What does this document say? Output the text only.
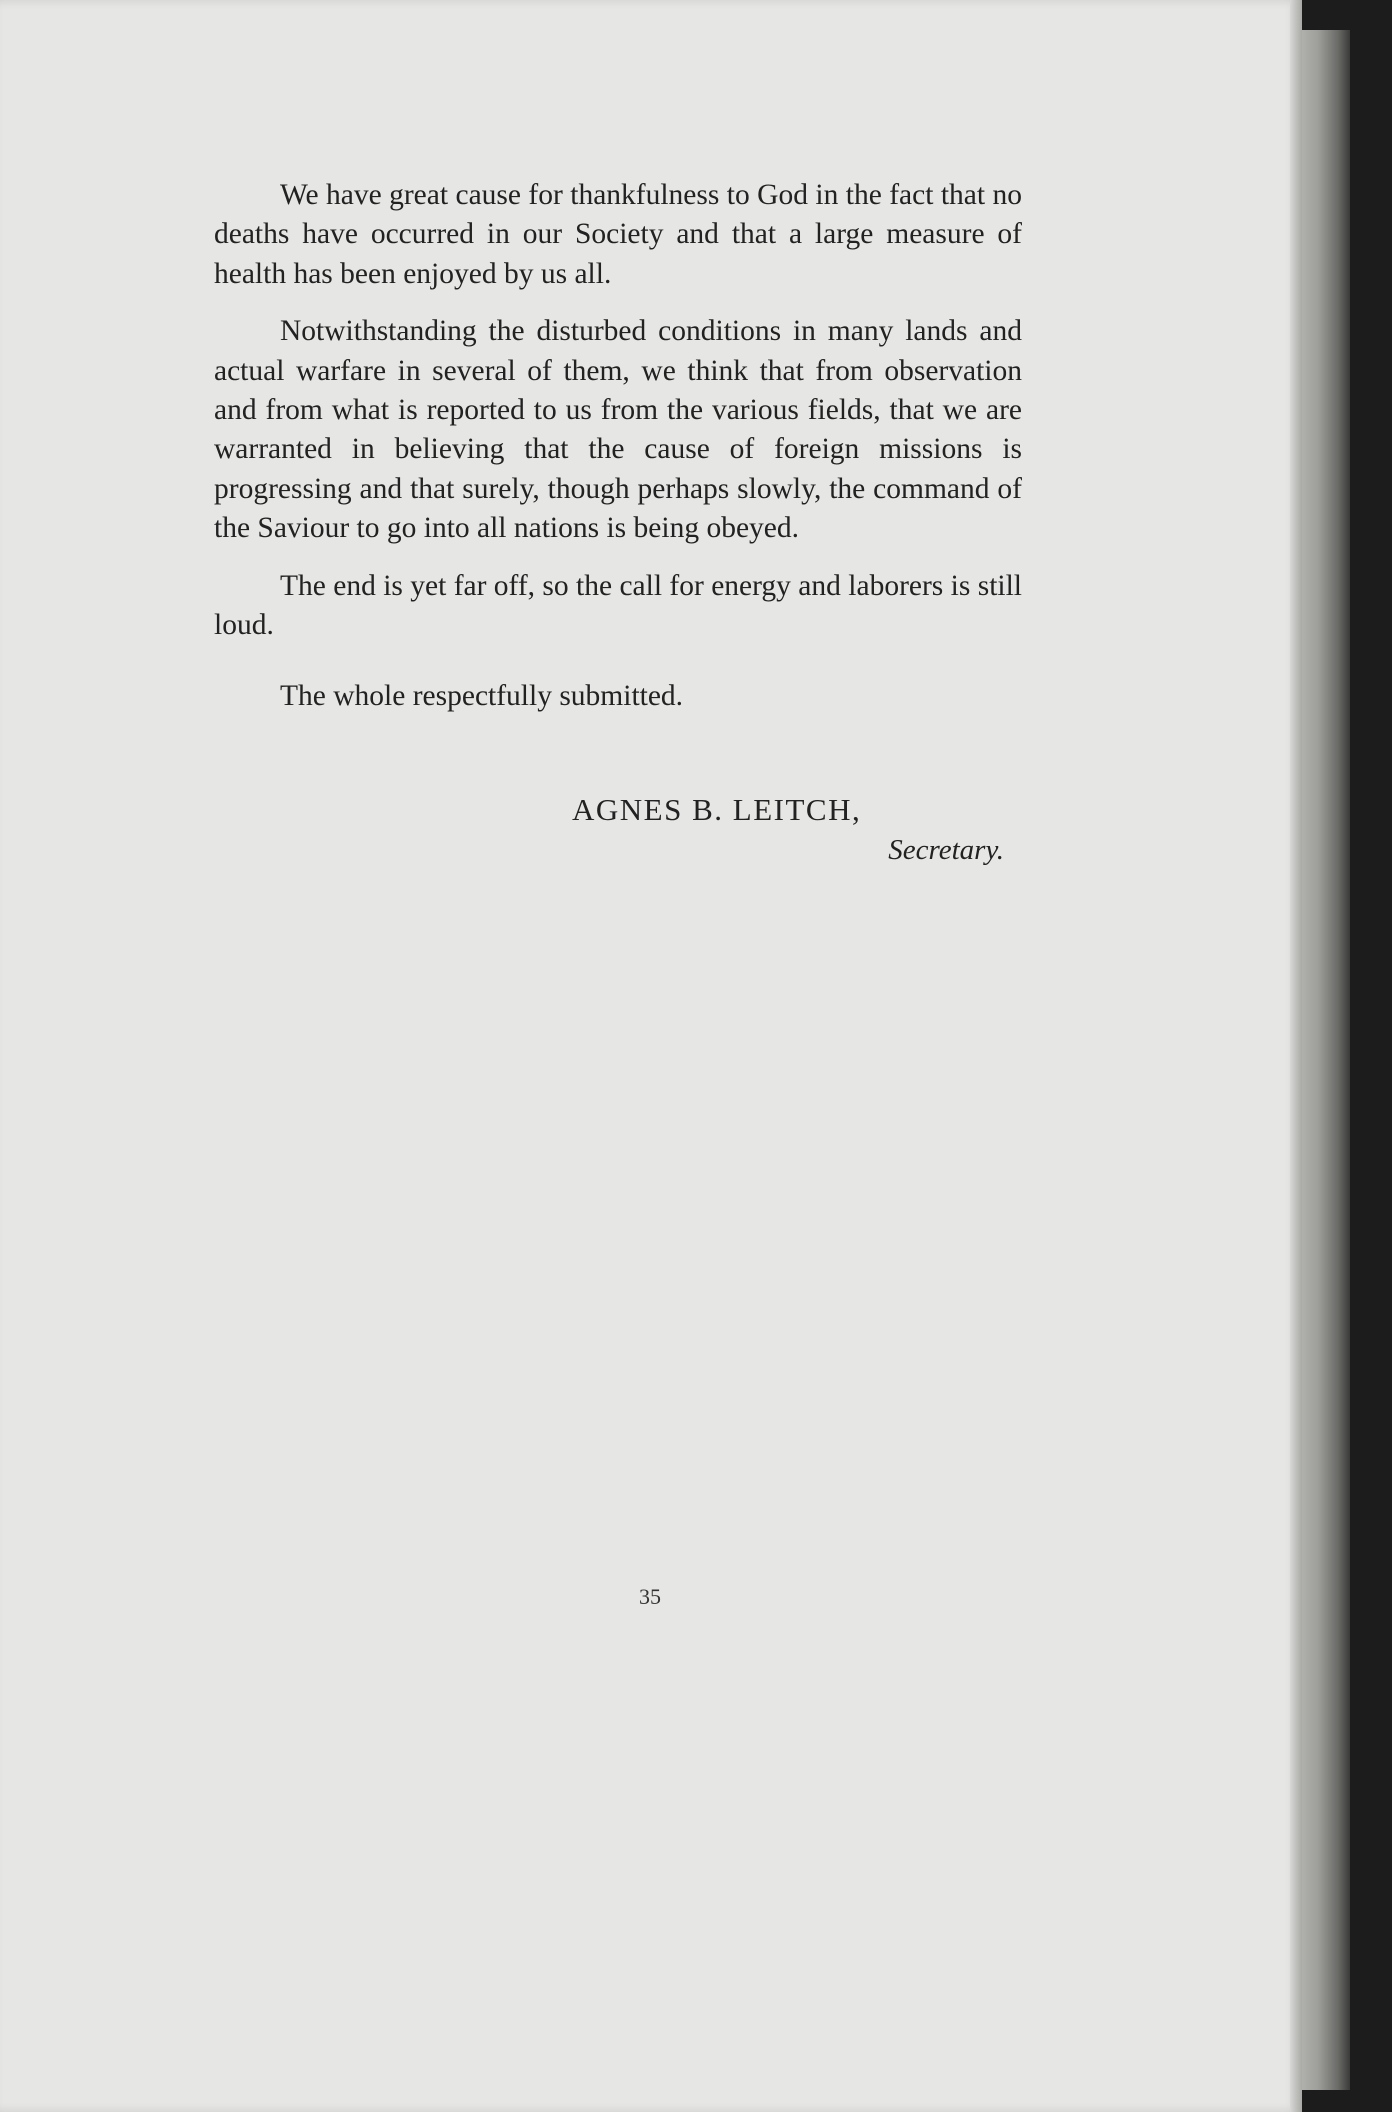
We have great cause for thankfulness to God in the fact that no deaths have occurred in our Society and that a large measure of health has been enjoyed by us all.

Notwithstanding the disturbed conditions in many lands and actual warfare in several of them, we think that from observation and from what is reported to us from the various fields, that we are warranted in believing that the cause of foreign missions is progressing and that surely, though perhaps slowly, the command of the Saviour to go into all nations is being obeyed.

The end is yet far off, so the call for energy and laborers is still loud.

The whole respectfully submitted.

AGNES B. LEITCH,
Secretary.
35
